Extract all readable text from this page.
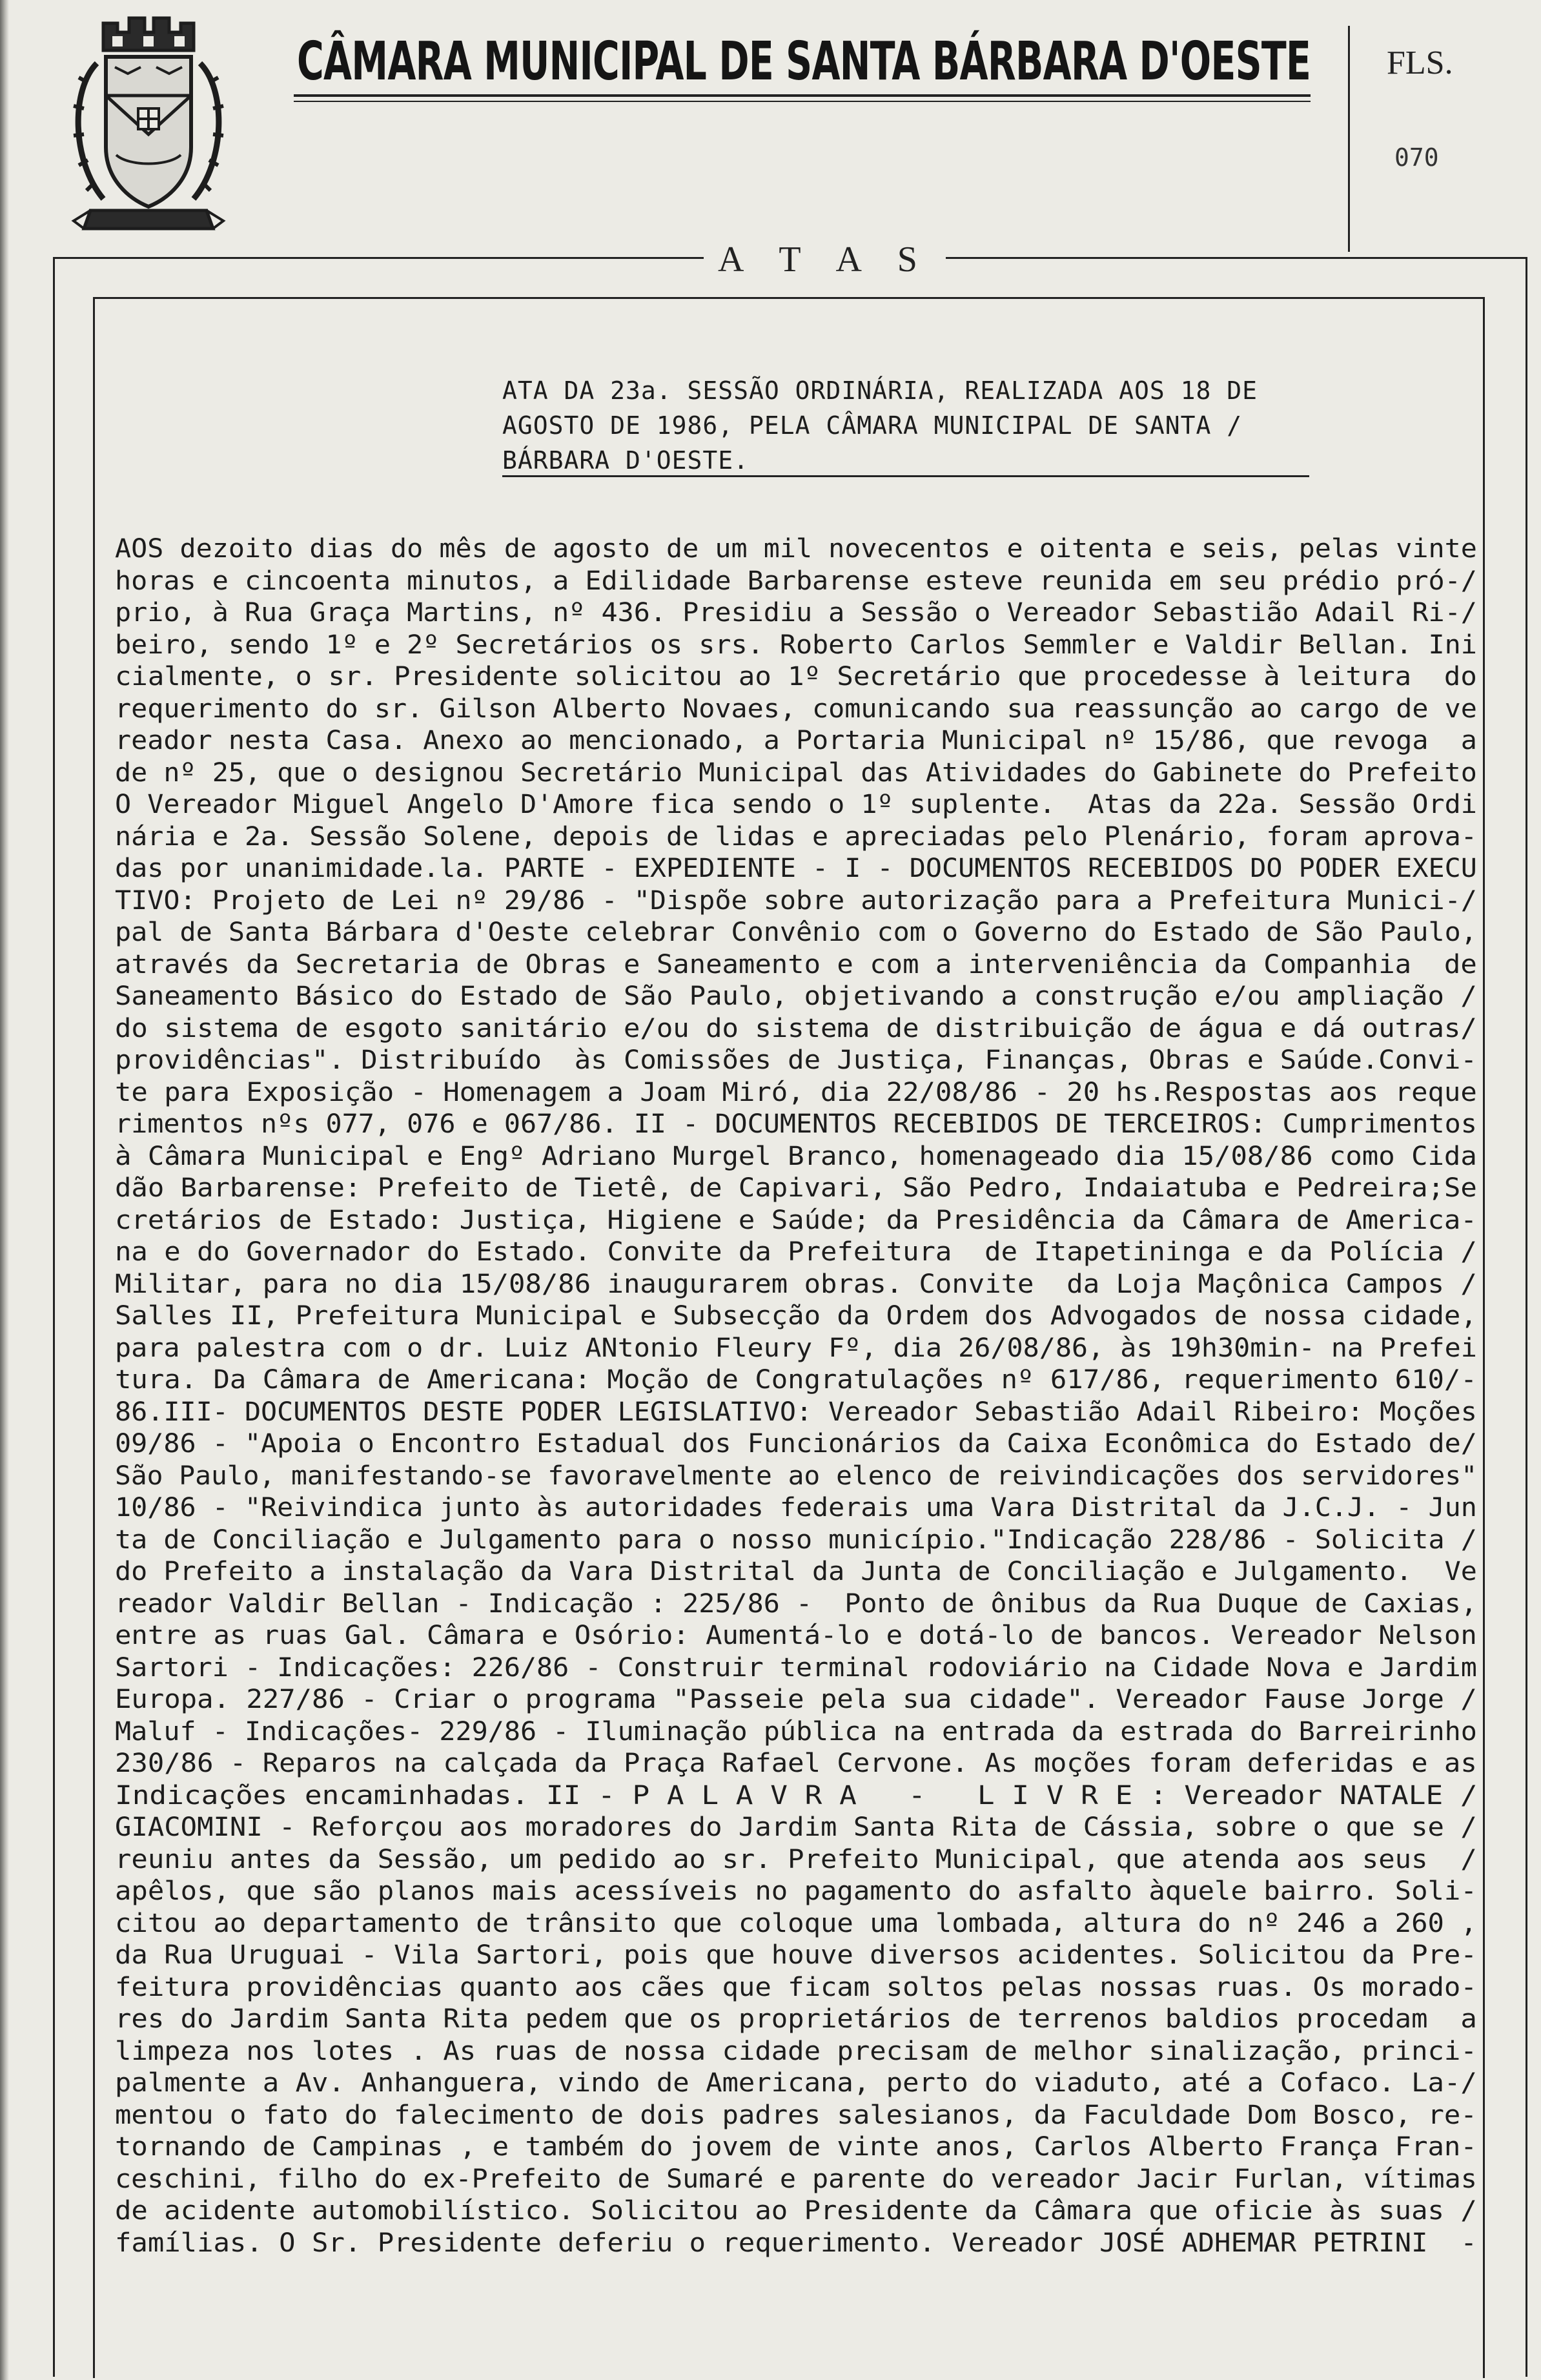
CÂMARA MUNICIPAL DE SANTA BÁRBARA D'OESTE FLS.
070
A T A S
ATA DA 23a. SESSÃO ORDINÁRIA, REALIZADA AOS 18 DE
AGOSTO DE 1986, PELA CÂMARA MUNICIPAL DE SANTA /
BÁRBARA D'OESTE.
AOS dezoito dias do mês de agosto de um mil novecentos e oitenta e seis, pelas vinte
horas e cincoenta minutos, a Edilidade Barbarense esteve reunida em seu prédio pró-/
prio, à Rua Graça Martins, nº 436. Presidiu a Sessão o Vereador Sebastião Adail Ri-/
beiro, sendo 1º e 2º Secretários os srs. Roberto Carlos Semmler e Valdir Bellan. Ini
cialmente, o sr. Presidente solicitou ao 1º Secretário que procedesse à leitura  do
requerimento do sr. Gilson Alberto Novaes, comunicando sua reassunção ao cargo de ve
reador nesta Casa. Anexo ao mencionado, a Portaria Municipal nº 15/86, que revoga  a
de nº 25, que o designou Secretário Municipal das Atividades do Gabinete do Prefeito
O Vereador Miguel Angelo D'Amore fica sendo o 1º suplente.  Atas da 22a. Sessão Ordi
nária e 2a. Sessão Solene, depois de lidas e apreciadas pelo Plenário, foram aprova-
das por unanimidade.la. PARTE - EXPEDIENTE - I - DOCUMENTOS RECEBIDOS DO PODER EXECU
TIVO: Projeto de Lei nº 29/86 - "Dispõe sobre autorização para a Prefeitura Munici-/
pal de Santa Bárbara d'Oeste celebrar Convênio com o Governo do Estado de São Paulo,
através da Secretaria de Obras e Saneamento e com a interveniência da Companhia  de
Saneamento Básico do Estado de São Paulo, objetivando a construção e/ou ampliação /
do sistema de esgoto sanitário e/ou do sistema de distribuição de água e dá outras/
providências". Distribuído  às Comissões de Justiça, Finanças, Obras e Saúde.Convi-
te para Exposição - Homenagem a Joam Miró, dia 22/08/86 - 20 hs.Respostas aos reque
rimentos nºs 077, 076 e 067/86. II - DOCUMENTOS RECEBIDOS DE TERCEIROS: Cumprimentos
à Câmara Municipal e Engº Adriano Murgel Branco, homenageado dia 15/08/86 como Cida
dão Barbarense: Prefeito de Tietê, de Capivari, São Pedro, Indaiatuba e Pedreira;Se
cretários de Estado: Justiça, Higiene e Saúde; da Presidência da Câmara de America-
na e do Governador do Estado. Convite da Prefeitura  de Itapetininga e da Polícia /
Militar, para no dia 15/08/86 inaugurarem obras. Convite  da Loja Maçônica Campos /
Salles II, Prefeitura Municipal e Subsecção da Ordem dos Advogados de nossa cidade,
para palestra com o dr. Luiz ANtonio Fleury Fº, dia 26/08/86, às 19h30min- na Prefei
tura. Da Câmara de Americana: Moção de Congratulações nº 617/86, requerimento 610/-
86.III- DOCUMENTOS DESTE PODER LEGISLATIVO: Vereador Sebastião Adail Ribeiro: Moções
09/86 - "Apoia o Encontro Estadual dos Funcionários da Caixa Econômica do Estado de/
São Paulo, manifestando-se favoravelmente ao elenco de reivindicações dos servidores"
10/86 - "Reivindica junto às autoridades federais uma Vara Distrital da J.C.J. - Jun
ta de Conciliação e Julgamento para o nosso município."Indicação 228/86 - Solicita /
do Prefeito a instalação da Vara Distrital da Junta de Conciliação e Julgamento.  Ve
reador Valdir Bellan - Indicação : 225/86 -  Ponto de ônibus da Rua Duque de Caxias,
entre as ruas Gal. Câmara e Osório: Aumentá-lo e dotá-lo de bancos. Vereador Nelson
Sartori - Indicações: 226/86 - Construir terminal rodoviário na Cidade Nova e Jardim
Europa. 227/86 - Criar o programa "Passeie pela sua cidade". Vereador Fause Jorge /
Maluf - Indicações- 229/86 - Iluminação pública na entrada da estrada do Barreirinho
230/86 - Reparos na calçada da Praça Rafael Cervone. As moções foram deferidas e as
Indicações encaminhadas. II - P A L A V R A   -   L I V R E : Vereador NATALE /
GIACOMINI - Reforçou aos moradores do Jardim Santa Rita de Cássia, sobre o que se /
reuniu antes da Sessão, um pedido ao sr. Prefeito Municipal, que atenda aos seus  /
apêlos, que são planos mais acessíveis no pagamento do asfalto àquele bairro. Soli-
citou ao departamento de trânsito que coloque uma lombada, altura do nº 246 a 260 ,
da Rua Uruguai - Vila Sartori, pois que houve diversos acidentes. Solicitou da Pre-
feitura providências quanto aos cães que ficam soltos pelas nossas ruas. Os morado-
res do Jardim Santa Rita pedem que os proprietários de terrenos baldios procedam  a
limpeza nos lotes . As ruas de nossa cidade precisam de melhor sinalização, princi-
palmente a Av. Anhanguera, vindo de Americana, perto do viaduto, até a Cofaco. La-/
mentou o fato do falecimento de dois padres salesianos, da Faculdade Dom Bosco, re-
tornando de Campinas , e também do jovem de vinte anos, Carlos Alberto França Fran-
ceschini, filho do ex-Prefeito de Sumaré e parente do vereador Jacir Furlan, vítimas
de acidente automobilístico. Solicitou ao Presidente da Câmara que oficie às suas /
famílias. O Sr. Presidente deferiu o requerimento. Vereador JOSÉ ADHEMAR PETRINI  -
